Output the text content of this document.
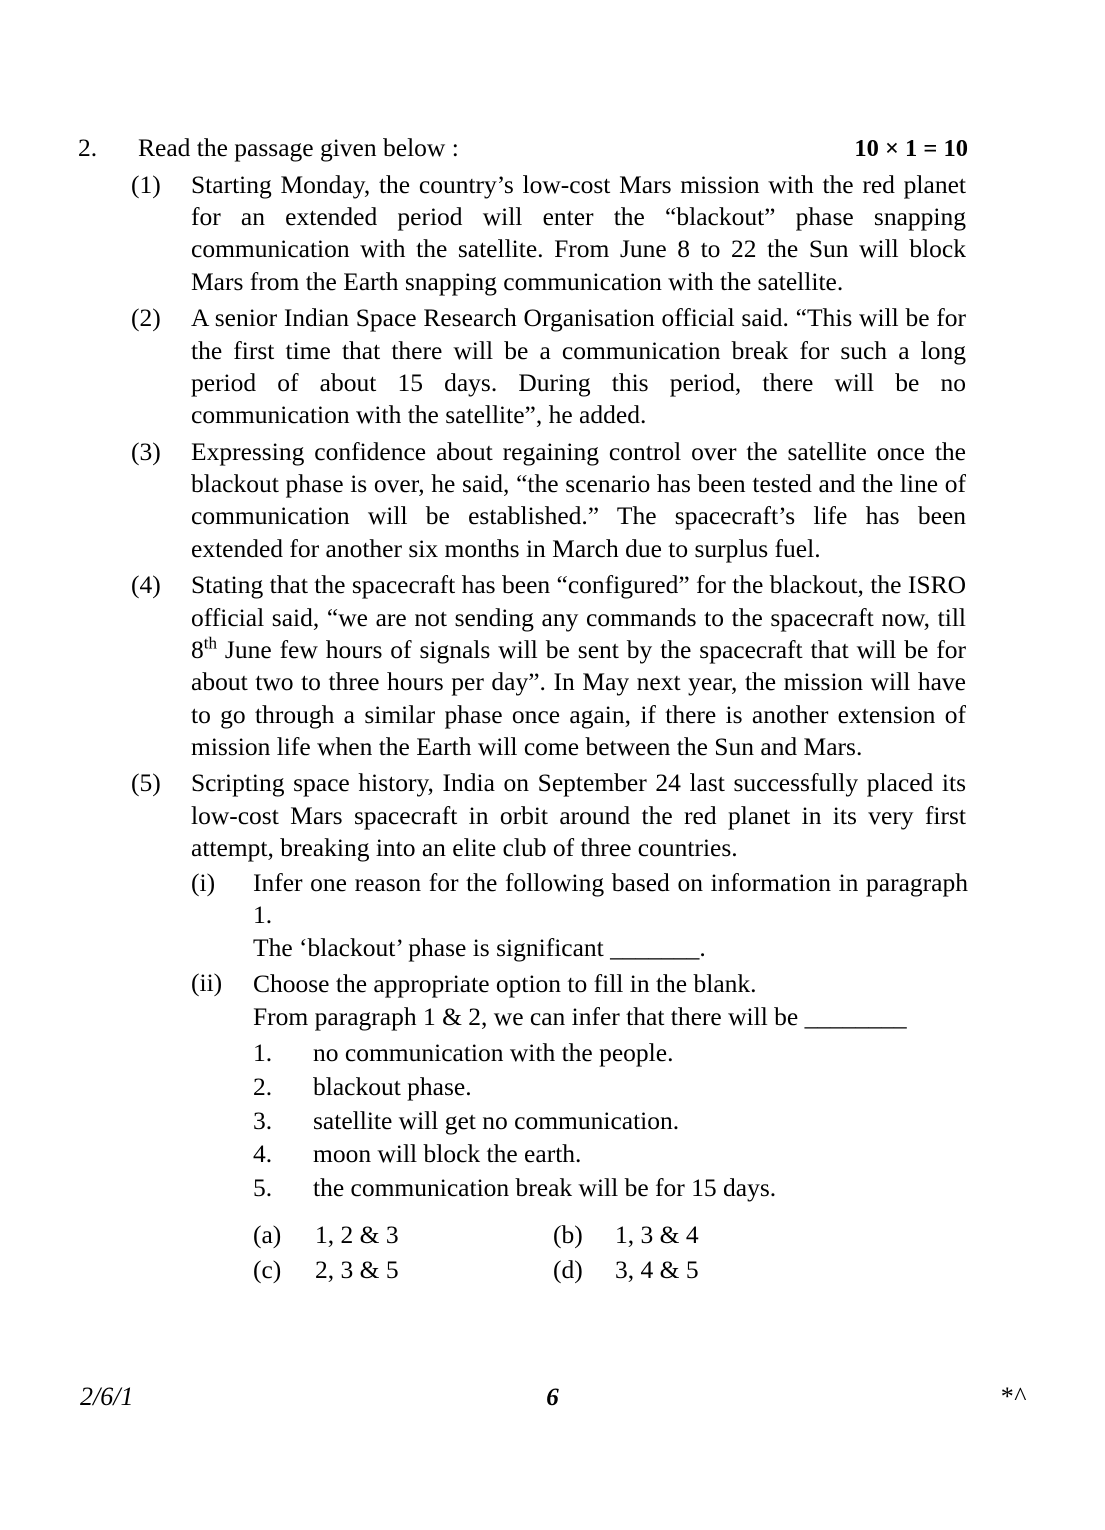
2.	Read the passage given below :	10 × 1 = 10
(1)	Starting Monday, the country’s low-cost Mars mission with the red planet for an extended period will enter the “blackout” phase snapping communication with the satellite. From June 8 to 22 the Sun will block Mars from the Earth snapping communication with the satellite.
(2)	A senior Indian Space Research Organisation official said. “This will be for the first time that there will be a communication break for such a long period of about 15 days. During this period, there will be no communication with the satellite”, he added.
(3)	Expressing confidence about regaining control over the satellite once the blackout phase is over, he said, “the scenario has been tested and the line of communication will be established.” The spacecraft’s life has been extended for another six months in March due to surplus fuel.
(4)	Stating that the spacecraft has been “configured” for the blackout, the ISRO official said, “we are not sending any commands to the spacecraft now, till 8th June few hours of signals will be sent by the spacecraft that will be for about two to three hours per day”. In May next year, the mission will have to go through a similar phase once again, if there is another extension of mission life when the Earth will come between the Sun and Mars.
(5)	Scripting space history, India on September 24 last successfully placed its low-cost Mars spacecraft in orbit around the red planet in its very first attempt, breaking into an elite club of three countries.
(i)	Infer one reason for the following based on information in paragraph 1.
The ‘blackout’ phase is significant _______.
(ii)	Choose the appropriate option to fill in the blank.
From paragraph 1 & 2, we can infer that there will be ________
1.	no communication with the people.
2.	blackout phase.
3.	satellite will get no communication.
4.	moon will block the earth.
5.	the communication break will be for 15 days.
(a)	1, 2 & 3	(b)	1, 3 & 4
(c)	2, 3 & 5	(d)	3, 4 & 5
2/6/1	6	*^
